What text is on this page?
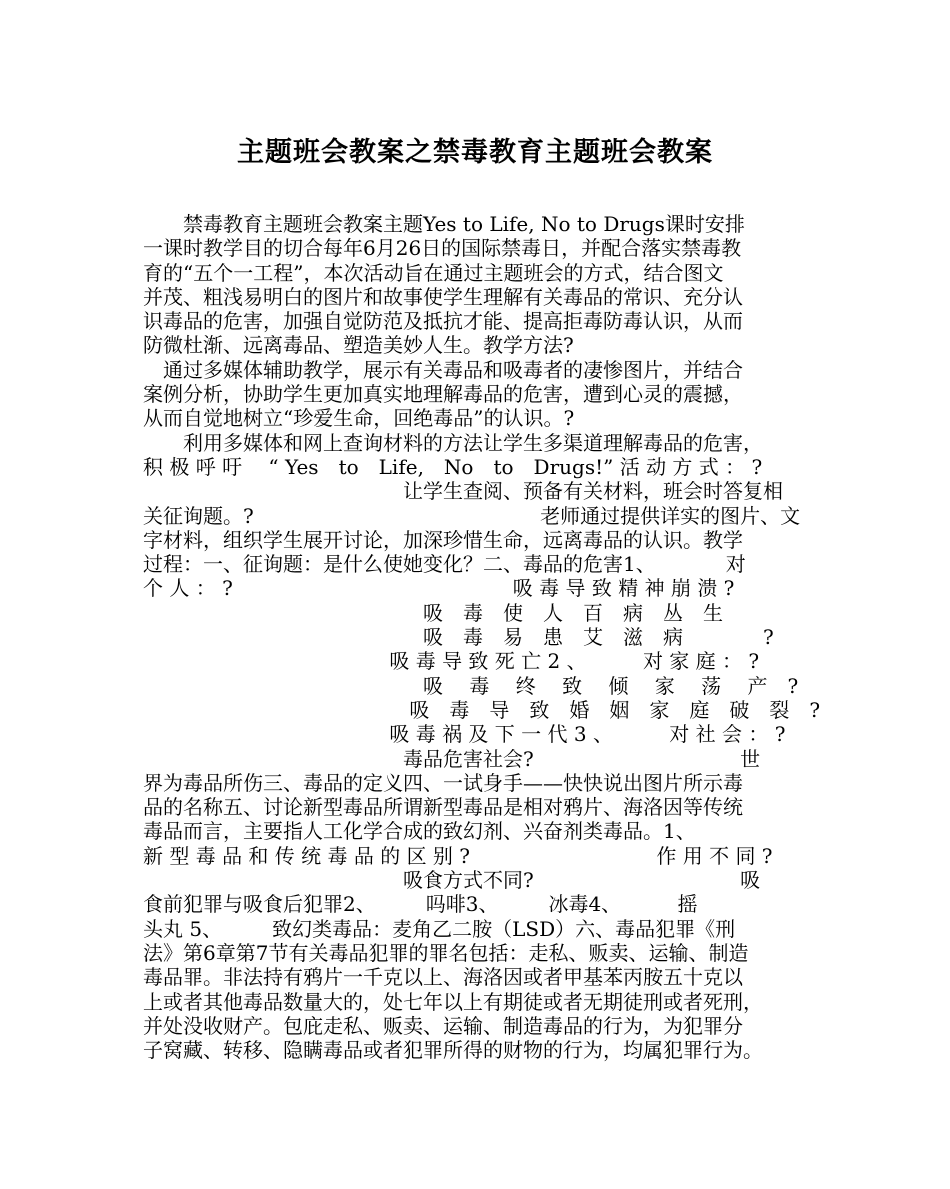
主题班会教案之禁毒教育主题班会教案
　　禁毒教育主题班会教案主题Yes to Life, No to Drugs课时安排
一课时教学目的切合每年6月26日的国际禁毒日，并配合落实禁毒教
育的“五个一工程”，本次活动旨在通过主题班会的方式，结合图文
并茂、粗浅易明白的图片和故事使学生理解有关毒品的常识、充分认
识毒品的危害，加强自觉防范及抵抗才能、提高拒毒防毒认识，从而
防微杜渐、远离毒品、塑造美妙人生。教学方法?
　通过多媒体辅助教学，展示有关毒品和吸毒者的凄惨图片，并结合
案例分析，协助学生更加真实地理解毒品的危害，遭到心灵的震撼，
从而自觉地树立“珍爱生命，回绝毒品”的认识。?
　　利用多媒体和网上查询材料的方法让学生多渠道理解毒品的危害，
积 极 呼 吁　 “ Yes　to　Life,　No　to　Drugs!” 活 动 方 式 ： ?
　　　　　　　　　　　　　让学生查阅、预备有关材料，班会时答复相
关征询题。?　　　　　　　　　　　　　　 老师通过提供详实的图片、文
字材料，组织学生展开讨论，加深珍惜生命，远离毒品的认识。教学
过程：一、征询题：是什么使她变化？二、毒品的危害1、　　　　对
个 人 ： ?　　　　　　　　　　　　　　吸 毒 导 致 精 神 崩 溃 ?
　　　　　　　　　　　　　　吸　毒　使　人　百　病　丛　生　　　
　　　　　　　　　　　　　　吸　毒　易　患　艾　滋　病　　　　?
　　　　　　　　　　　　 吸 毒 导 致 死 亡 2 、　　　 对 家 庭 ： ?
　　　　　　　　　　　　　　吸　 毒　 终　 致　 倾　 家　 荡　 产　?
　　　　　　　　　　　　　 吸　毒　导　致　婚　姻　家　庭　破　裂　?
　　　　　　　　　　　　 吸 毒 祸 及 下 一 代 3 、　　　 对 社 会 ： ?
　　　　　　　　　　　　　毒品危害社会?　　　　　　　　　　 世
界为毒品所伤三、毒品的定义四、一试身手——快快说出图片所示毒
品的名称五、讨论新型毒品所谓新型毒品是相对鸦片、海洛因等传统
毒品而言，主要指人工化学合成的致幻剂、兴奋剂类毒品。1、
新 型 毒 品 和 传 统 毒 品 的 区 别 ?　　　　　　　　　 作 用 不 同 ?
　　　　　　　　　　　　　吸食方式不同?　　　　　　　　　　 吸
食前犯罪与吸食后犯罪2、　　　吗啡3、　　　冰毒4、　　　 摇
头丸 5、　　　致幻类毒品：麦角乙二胺（LSD）六、毒品犯罪《刑
法》第6章第7节有关毒品犯罪的罪名包括：走私、贩卖、运输、制造
毒品罪。非法持有鸦片一千克以上、海洛因或者甲基苯丙胺五十克以
上或者其他毒品数量大的，处七年以上有期徒或者无期徒刑或者死刑，
并处没收财产。包庇走私、贩卖、运输、制造毒品的行为，为犯罪分
子窝藏、转移、隐瞒毒品或者犯罪所得的财物的行为，均属犯罪行为。
